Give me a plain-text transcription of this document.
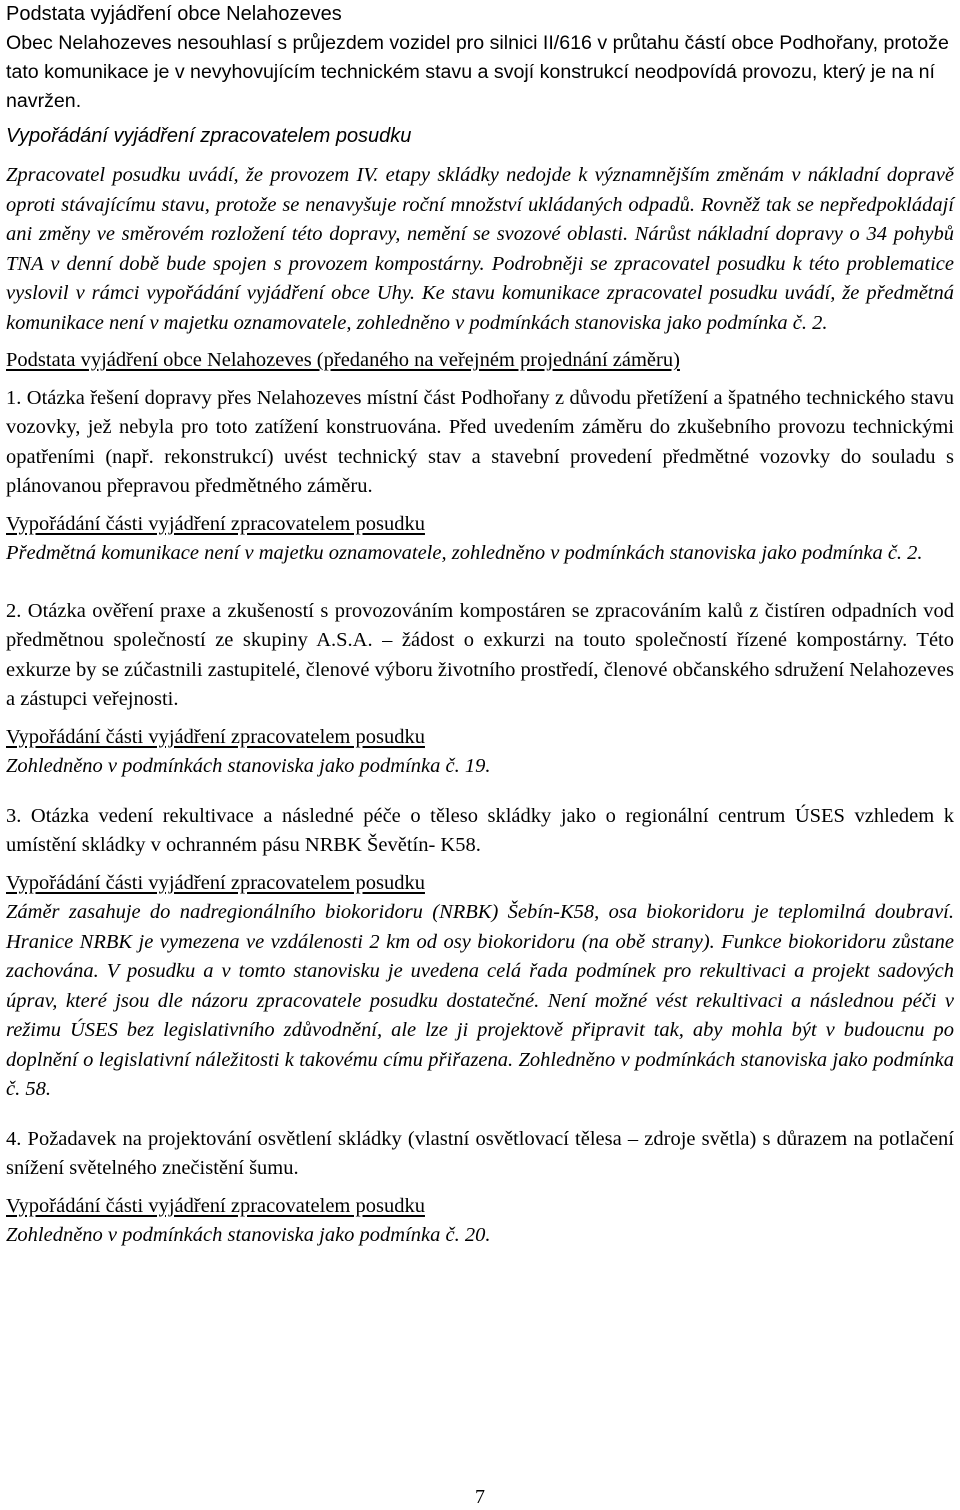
Podstata vyjádření obce Nelahozeves

Obec Nelahozeves nesouhlasí s průjezdem vozidel pro silnici II/616 v průtahu částí obce Podhořany, protože tato komunikace je v nevyhovujícím technickém stavu a svojí konstrukcí neodpovídá provozu, který je na ní navržen.

Vypořádání vyjádření zpracovatelem posudku

Zpracovatel posudku uvádí, že provozem IV. etapy skládky nedojde k významnějším změnám v nákladní dopravě oproti stávajícímu stavu, protože se nenavyšuje roční množství ukládaných odpadů. Rovněž tak se nepředpokládají ani změny ve směrovém rozložení této dopravy, nemění se svozové oblasti. Nárůst nákladní dopravy o 34 pohybů TNA v denní době bude spojen s provozem kompostárny. Podrobněji se zpracovatel posudku k této problematice vyslovil v rámci vypořádání vyjádření obce Uhy. Ke stavu komunikace zpracovatel posudku uvádí, že předmětná komunikace není v majetku oznamovatele, zohledněno v podmínkách stanoviska jako podmínka č. 2.

Podstata vyjádření obce Nelahozeves (předaného na veřejném projednání záměru)

1. Otázka řešení dopravy přes Nelahozeves místní část Podhořany z důvodu přetížení a špatného technického stavu vozovky, jež nebyla pro toto zatížení konstruována. Před uvedením záměru do zkušebního provozu technickými opatřeními (např. rekonstrukcí) uvést technický stav a stavební provedení předmětné vozovky do souladu s plánovanou přepravou předmětného záměru.

Vypořádání části vyjádření zpracovatelem posudku

Předmětná komunikace není v majetku oznamovatele, zohledněno v podmínkách stanoviska jako podmínka č. 2.

2. Otázka ověření praxe a zkušeností s provozováním kompostáren se zpracováním kalů z čistíren odpadních vod předmětnou společností ze skupiny A.S.A. – žádost o exkurzi na touto společností řízené kompostárny. Této exkurze by se zúčastnili zastupitelé, členové výboru životního prostředí, členové občanského sdružení Nelahozeves a zástupci veřejnosti.

Vypořádání části vyjádření zpracovatelem posudku

Zohledněno v podmínkách stanoviska jako podmínka č. 19.

3. Otázka vedení rekultivace a následné péče o těleso skládky jako o regionální centrum ÚSES vzhledem k umístění skládky v ochranném pásu NRBK Ševětín- K58.

Vypořádání části vyjádření zpracovatelem posudku

Záměr zasahuje do nadregionálního biokoridoru (NRBK) Šebín-K58, osa biokoridoru je teplomilná doubraví. Hranice NRBK je vymezena ve vzdálenosti 2 km od osy biokoridoru (na obě strany). Funkce biokoridoru zůstane zachována. V posudku a v tomto stanovisku je uvedena celá řada podmínek pro rekultivaci a projekt sadových úprav, které jsou dle názoru zpracovatele posudku dostatečné. Není možné vést rekultivaci a následnou péči v režimu ÚSES bez legislativního zdůvodnění, ale lze ji projektově připravit tak, aby mohla být v budoucnu po doplnění o legislativní náležitosti k takovému címu přiřazena. Zohledněno v podmínkách stanoviska jako podmínka č. 58.

4. Požadavek na projektování osvětlení skládky (vlastní osvětlovací tělesa – zdroje světla) s důrazem na potlačení snížení světelného znečistění šumu.

Vypořádání části vyjádření zpracovatelem posudku

Zohledněno v podmínkách stanoviska jako podmínka č. 20.

7
